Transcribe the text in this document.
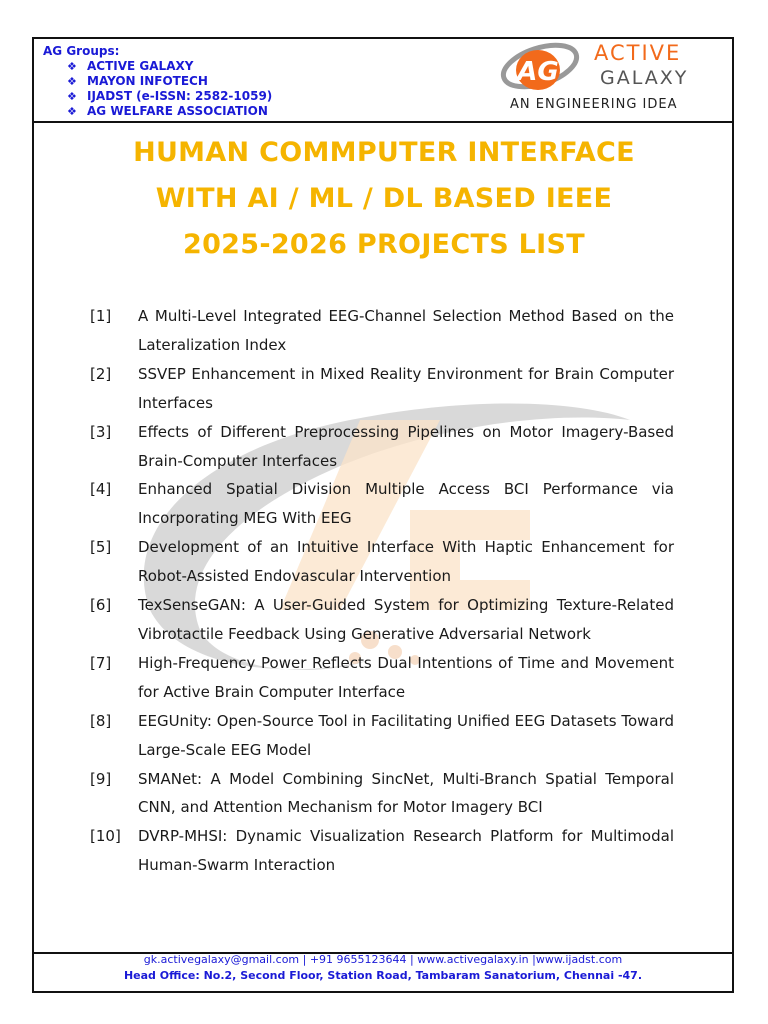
AG Groups:
❖ ACTIVE GALAXY
❖ MAYON INFOTECH
❖ IJADST (e-ISSN: 2582-1059)
❖ AG WELFARE ASSOCIATION
AG
ACTIVE
GALAXY
AN ENGINEERING IDEA
HUMAN COMMPUTER INTERFACE
WITH AI / ML / DL BASED IEEE
2025-2026 PROJECTS LIST
[1]	A Multi-Level Integrated EEG-Channel Selection Method Based on the Lateralization Index
[2]	SSVEP Enhancement in Mixed Reality Environment for Brain Computer Interfaces
[3]	Effects of Different Preprocessing Pipelines on Motor Imagery-Based Brain-Computer Interfaces
[4]	Enhanced Spatial Division Multiple Access BCI Performance via Incorporating MEG With EEG
[5]	Development of an Intuitive Interface With Haptic Enhancement for Robot-Assisted Endovascular Intervention
[6]	TexSenseGAN: A User-Guided System for Optimizing Texture-Related Vibrotactile Feedback Using Generative Adversarial Network
[7]	High-Frequency Power Reflects Dual Intentions of Time and Movement for Active Brain Computer Interface
[8]	EEGUnity: Open-Source Tool in Facilitating Unified EEG Datasets Toward Large-Scale EEG Model
[9]	SMANet: A Model Combining SincNet, Multi-Branch Spatial Temporal CNN, and Attention Mechanism for Motor Imagery BCI
[10]	DVRP-MHSI: Dynamic Visualization Research Platform for Multimodal Human-Swarm Interaction
gk.activegalaxy@gmail.com | +91 9655123644 | www.activegalaxy.in |www.ijadst.com
Head Office: No.2, Second Floor, Station Road, Tambaram Sanatorium, Chennai -47.
